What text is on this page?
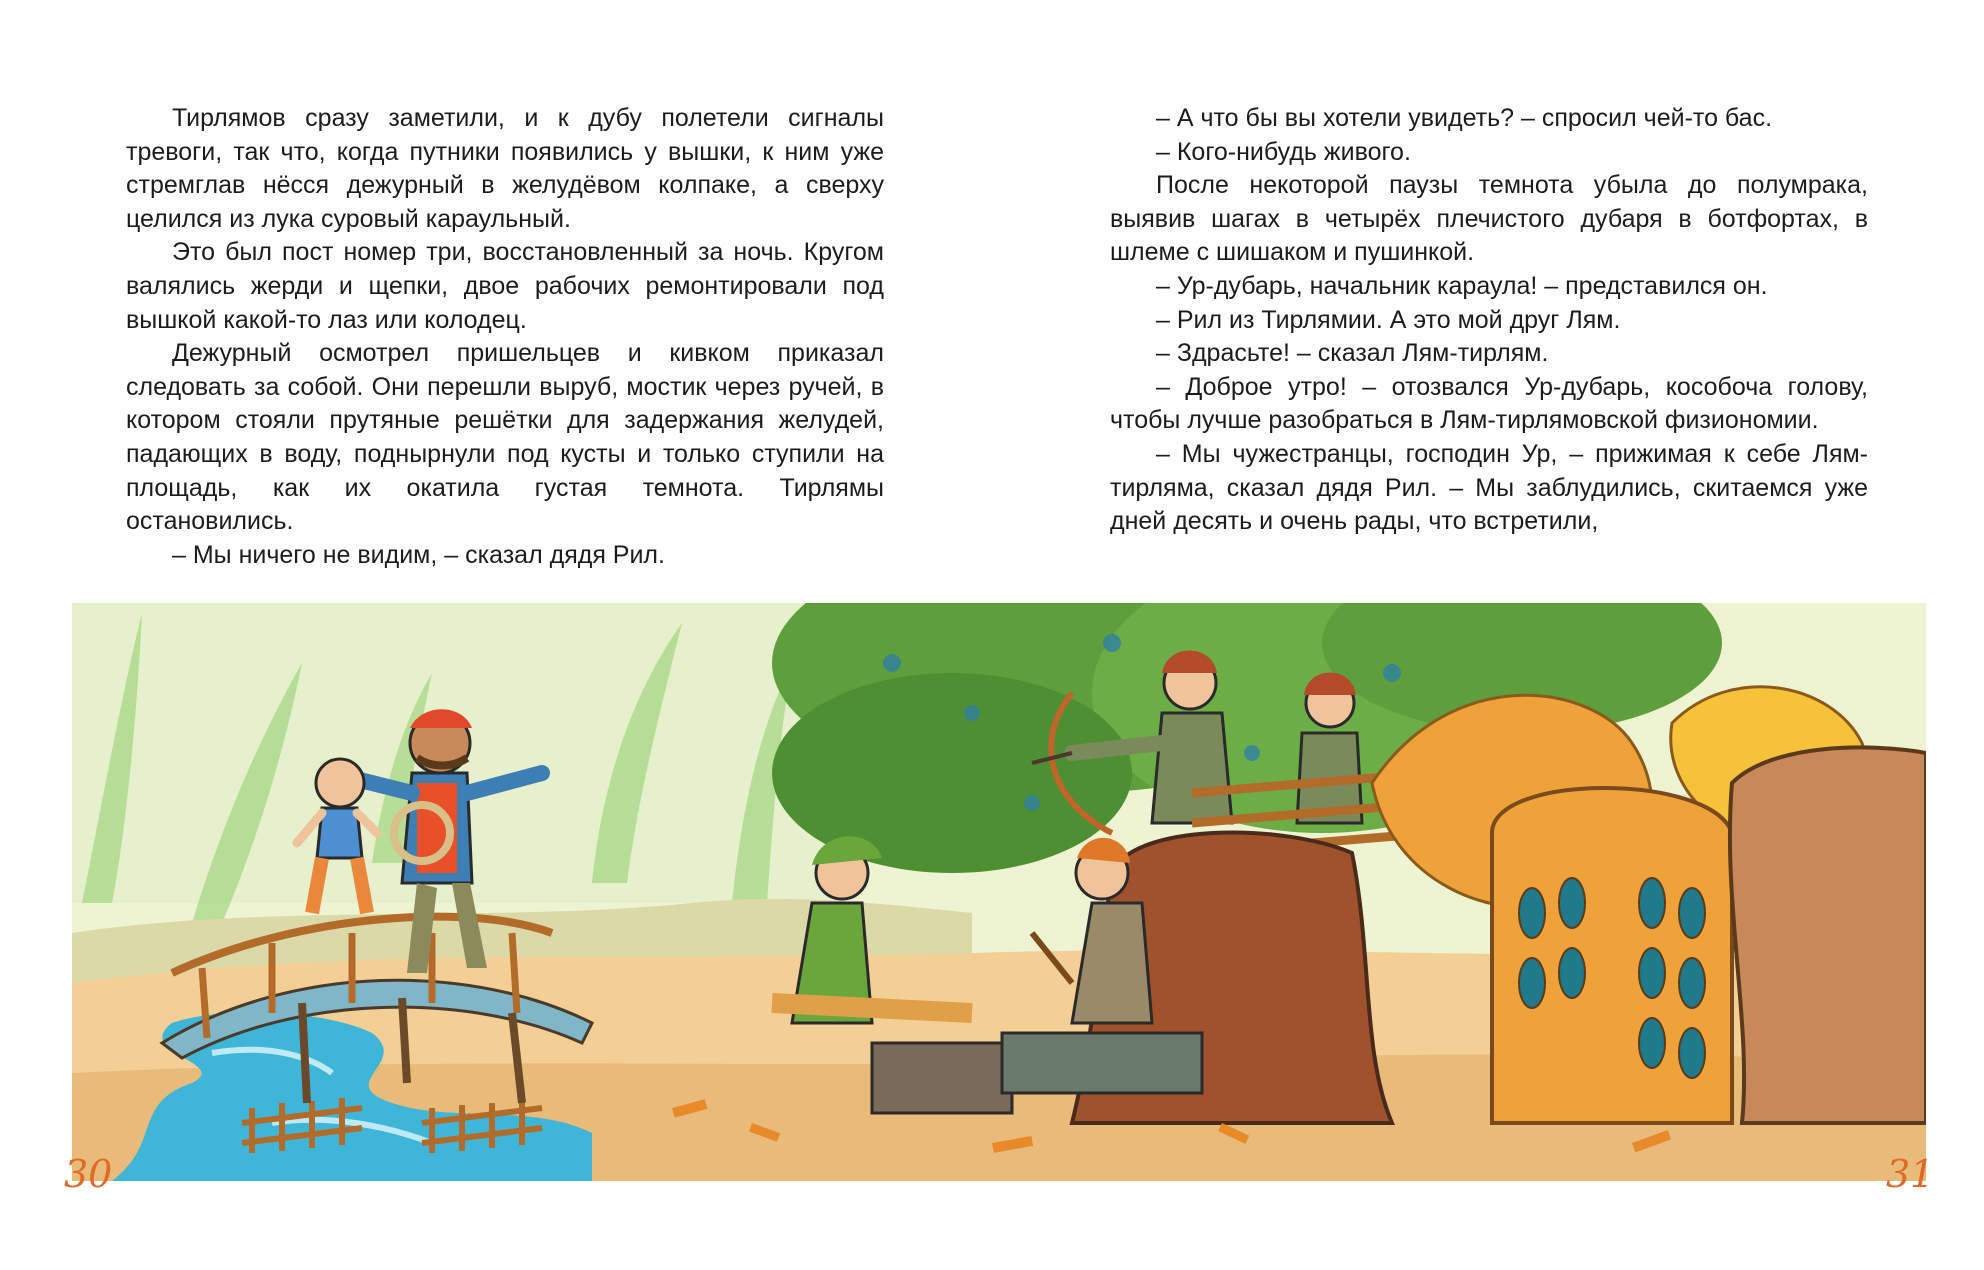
Тирлямов сразу заметили, и к дубу полетели сигналы тревоги, так что, когда путники появились у вышки, к ним уже стремглав нёсся дежурный в желудёвом колпаке, а сверху целился из лука суровый караульный.

Это был пост номер три, восстановленный за ночь. Кругом валялись жерди и щепки, двое рабочих ремонтировали под вышкой какой-то лаз или колодец.

Дежурный осмотрел пришельцев и кивком приказал следовать за собой. Они перешли выруб, мостик через ручей, в котором стояли прутяные решётки для задержания желудей, падающих в воду, поднырнули под кусты и только ступили на площадь, как их окатила густая темнота. Тирлямы остановились.

– Мы ничего не видим, – сказал дядя Рил.

– А что бы вы хотели увидеть? – спросил чей-то бас.

– Кого-нибудь живого.

После некоторой паузы темнота убыла до полумрака, выявив шагах в четырёх плечистого дубаря в ботфортах, в шлеме с шишаком и пушинкой.

– Ур-дубарь, начальник караула! – представился он.

– Рил из Тирлямии. А это мой друг Лям.

– Здрасьте! – сказал Лям-тирлям.

– Доброе утро! – отозвался Ур-дубарь, кособоча голову, чтобы лучше разобраться в Лям-тирлямовской физиономии.

– Мы чужестранцы, господин Ур, – прижимая к себе Лям-тирляма, сказал дядя Рил. – Мы заблудились, скитаемся уже дней десять и очень рады, что встретили,

30	31
